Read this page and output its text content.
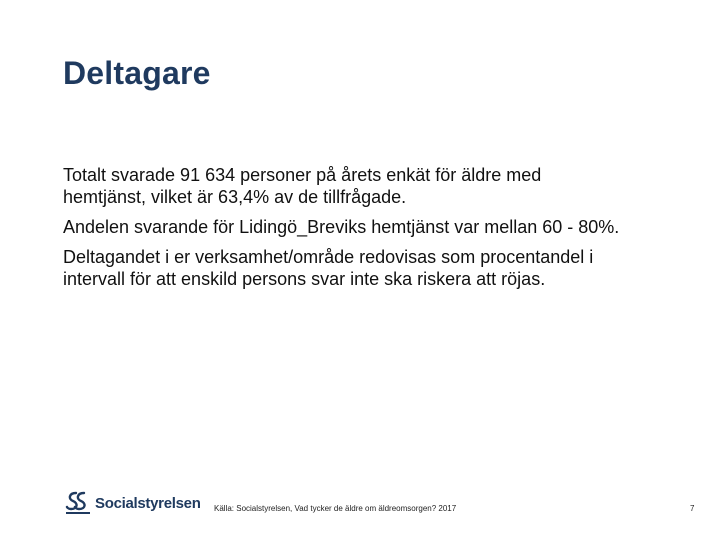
Deltagare

Totalt svarade 91 634 personer på årets enkät för äldre med hemtjänst, vilket är 63,4% av de tillfrågade.

Andelen svarande för Lidingö_Breviks hemtjänst var mellan 60 - 80%.

Deltagandet i er verksamhet/område redovisas som procentandel i intervall för att enskild persons svar inte ska riskera att röjas.

Socialstyrelsen Källa: Socialstyrelsen, Vad tycker de äldre om äldreomsorgen? 2017	7
